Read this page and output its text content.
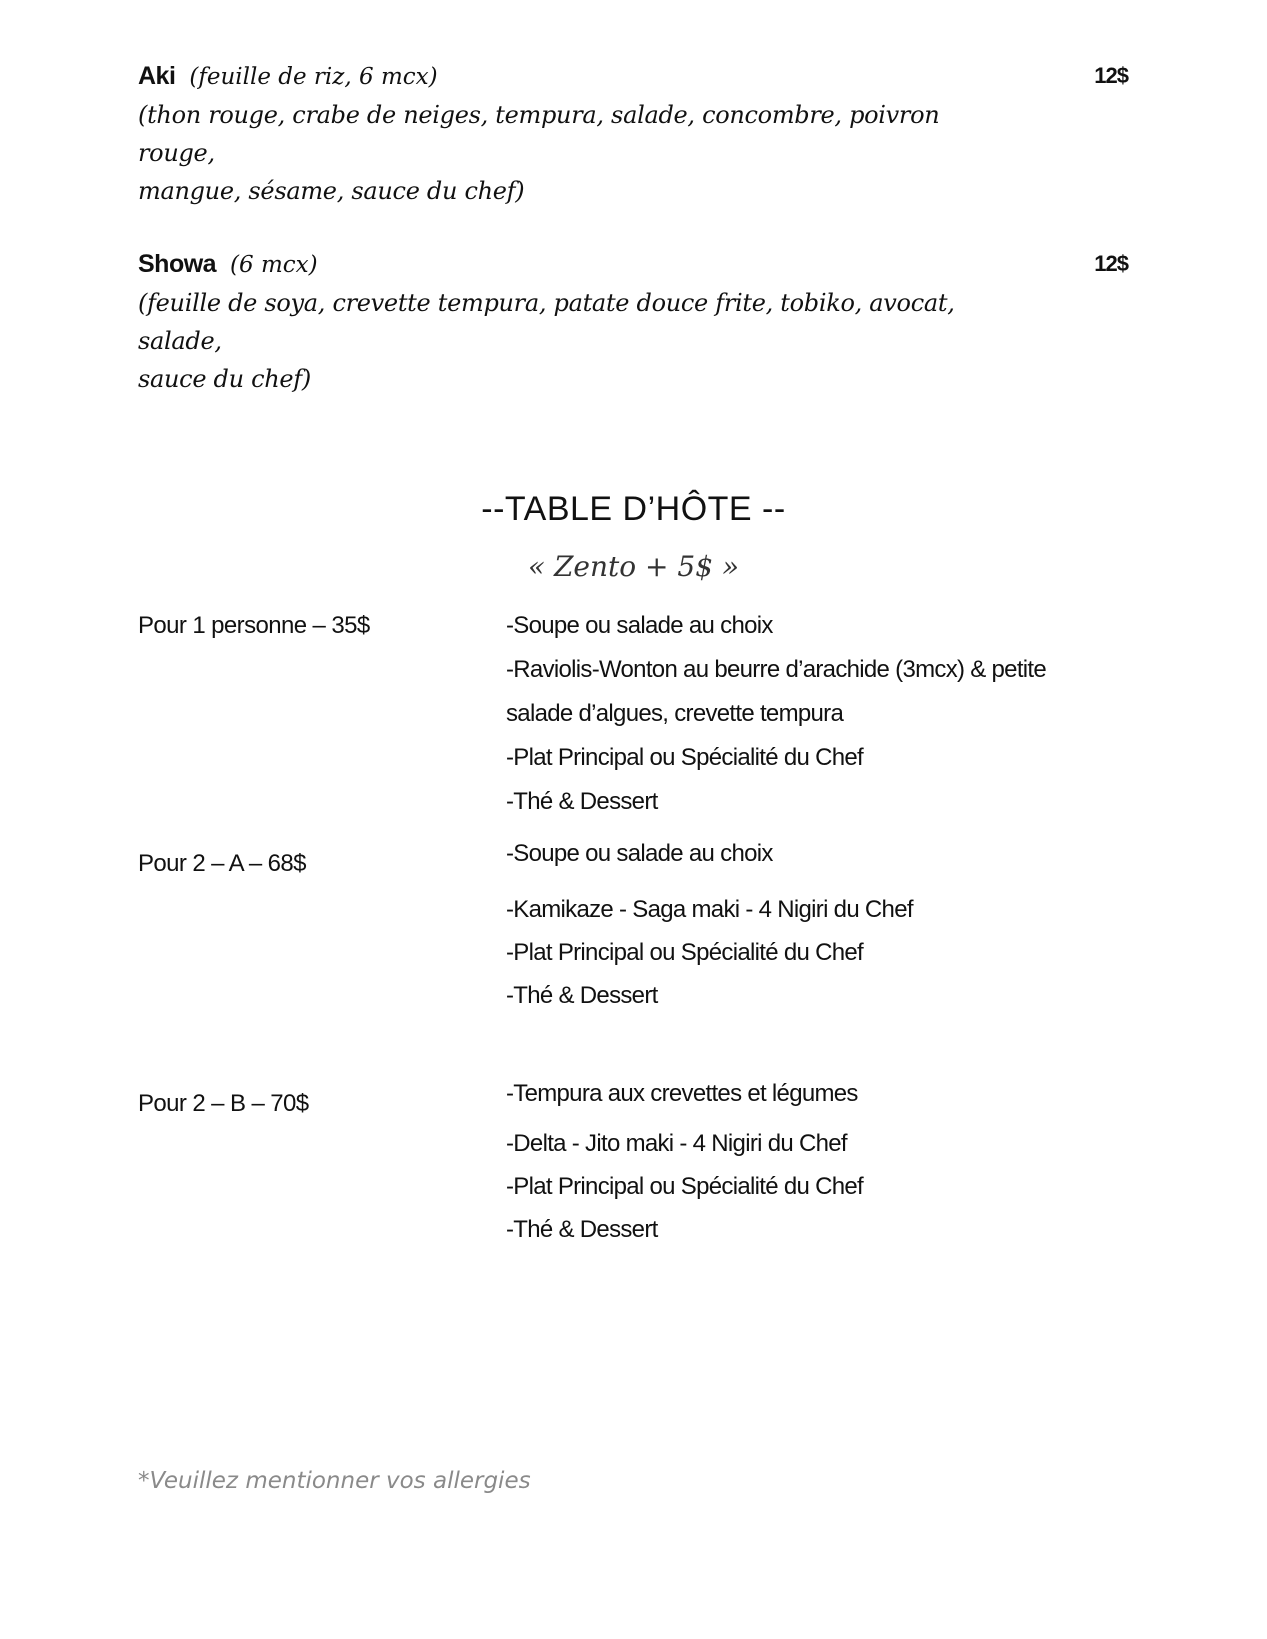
Aki (feuille de riz, 6 mcx)	12$
(thon rouge, crabe de neiges, tempura, salade, concombre, poivron rouge,
mangue, sésame, sauce du chef)
Showa (6 mcx)	12$
(feuille de soya, crevette tempura, patate douce frite, tobiko, avocat, salade,
sauce du chef)
--TABLE D’HÔTE --
« Zento + 5$ »
Pour 1 personne – 35$	-Soupe ou salade au choix
-Raviolis-Wonton au beurre d’arachide (3mcx) & petite
salade d’algues, crevette tempura
-Plat Principal ou Spécialité du Chef
-Thé & Dessert
Pour 2 – A – 68$	-Soupe ou salade au choix
-Kamikaze - Saga maki - 4 Nigiri du Chef
-Plat Principal ou Spécialité du Chef
-Thé & Dessert
Pour 2 – B – 70$	-Tempura aux crevettes et légumes
-Delta - Jito maki - 4 Nigiri du Chef
-Plat Principal ou Spécialité du Chef
-Thé & Dessert
*Veuillez mentionner vos allergies
